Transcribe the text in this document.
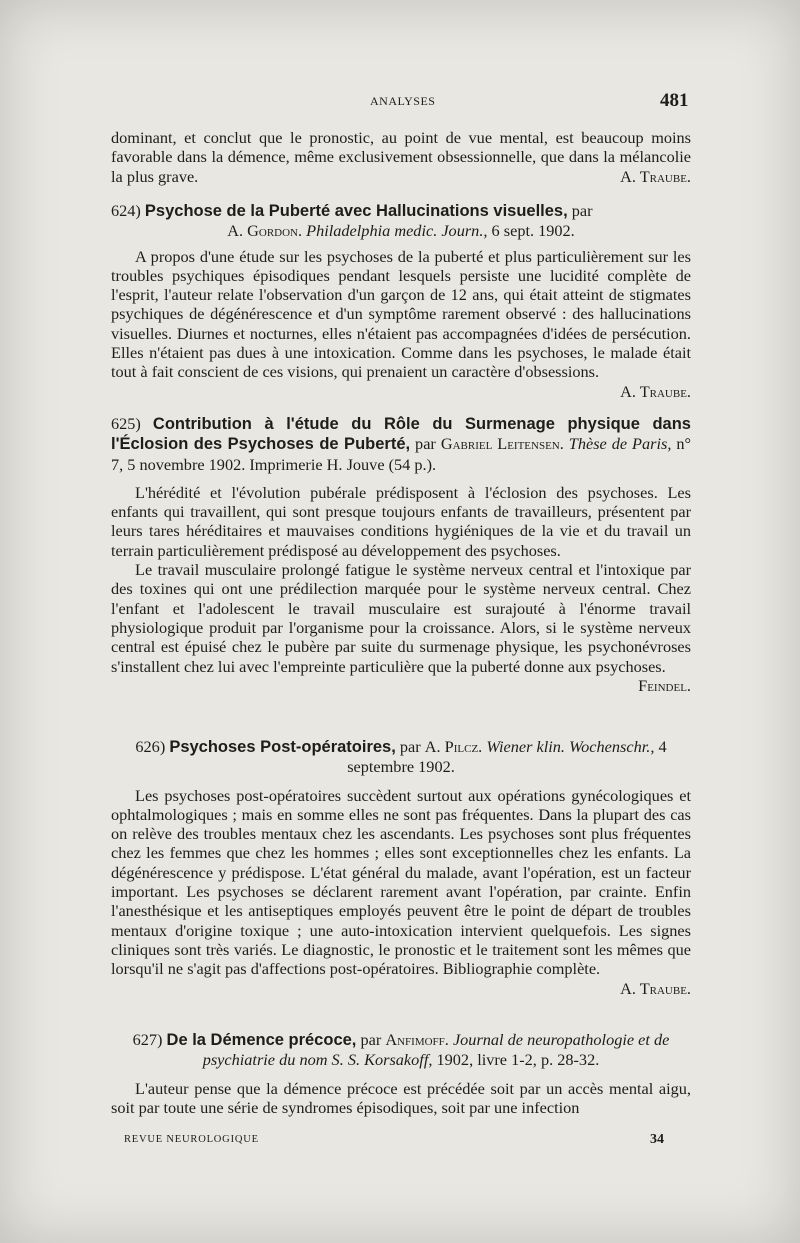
ANALYSES	481

dominant, et conclut que le pronostic, au point de vue mental, est beaucoup moins favorable dans la démence, même exclusivement obsessionnelle, que dans la mélancolie la plus grave.	A. Traube.

624) Psychose de la Puberté avec Hallucinations visuelles, par

A. Gordon. Philadelphia medic. Journ., 6 sept. 1902.

A propos d'une étude sur les psychoses de la puberté et plus particulièrement sur les troubles psychiques épisodiques pendant lesquels persiste une lucidité complète de l'esprit, l'auteur relate l'observation d'un garçon de 12 ans, qui était atteint de stigmates psychiques de dégénérescence et d'un symptôme rarement observé : des hallucinations visuelles. Diurnes et nocturnes, elles n'étaient pas accompagnées d'idées de persécution. Elles n'étaient pas dues à une intoxication. Comme dans les psychoses, le malade était tout à fait conscient de ces visions, qui prenaient un caractère d'obsessions.
A. Traube.

625) Contribution à l'étude du Rôle du Surmenage physique dans l'Éclosion des Psychoses de Puberté, par Gabriel Leitensen. Thèse de Paris, n° 7, 5 novembre 1902. Imprimerie H. Jouve (54 p.).

L'hérédité et l'évolution pubérale prédisposent à l'éclosion des psychoses. Les enfants qui travaillent, qui sont presque toujours enfants de travailleurs, présentent par leurs tares héréditaires et mauvaises conditions hygiéniques de la vie et du travail un terrain particulièrement prédisposé au développement des psychoses.

Le travail musculaire prolongé fatigue le système nerveux central et l'intoxique par des toxines qui ont une prédilection marquée pour le système nerveux central. Chez l'enfant et l'adolescent le travail musculaire est surajouté à l'énorme travail physiologique produit par l'organisme pour la croissance. Alors, si le système nerveux central est épuisé chez le pubère par suite du surmenage physique, les psychonévroses s'installent chez lui avec l'empreinte particulière que la puberté donne aux psychoses.
Feindel.

626) Psychoses Post-opératoires, par A. Pilcz. Wiener klin. Wochenschr., 4 septembre 1902.

Les psychoses post-opératoires succèdent surtout aux opérations gynécologiques et ophtalmologiques ; mais en somme elles ne sont pas fréquentes. Dans la plupart des cas on relève des troubles mentaux chez les ascendants. Les psychoses sont plus fréquentes chez les femmes que chez les hommes ; elles sont exceptionnelles chez les enfants. La dégénérescence y prédispose. L'état général du malade, avant l'opération, est un facteur important. Les psychoses se déclarent rarement avant l'opération, par crainte. Enfin l'anesthésique et les antiseptiques employés peuvent être le point de départ de troubles mentaux d'origine toxique ; une auto-intoxication intervient quelquefois. Les signes cliniques sont très variés. Le diagnostic, le pronostic et le traitement sont les mêmes que lorsqu'il ne s'agit pas d'affections post-opératoires. Bibliographie complète.
A. Traube.

627) De la Démence précoce, par Anfimoff. Journal de neuropathologie et de psychiatrie du nom S. S. Korsakoff, 1902, livre 1-2, p. 28-32.

L'auteur pense que la démence précoce est précédée soit par un accès mental aigu, soit par toute une série de syndromes épisodiques, soit par une infection

REVUE NEUROLOGIQUE	34
